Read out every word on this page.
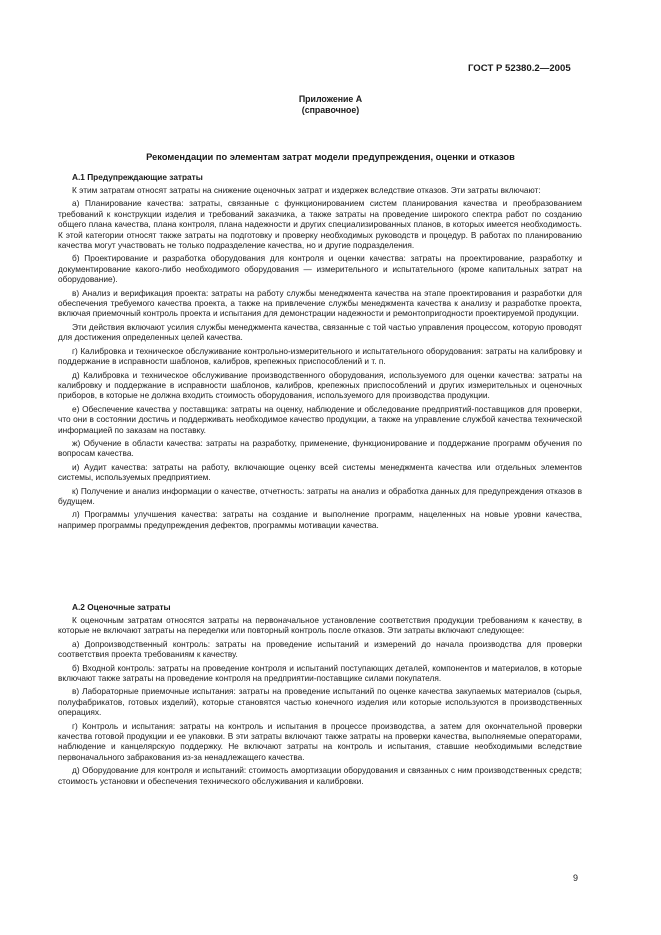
ГОСТ Р 52380.2—2005
Приложение А
(справочное)
Рекомендации по элементам затрат модели предупреждения, оценки и отказов
А.1 Предупреждающие затраты

К этим затратам относят затраты на снижение оценочных затрат и издержек вследствие отказов. Эти затраты включают:

а) Планирование качества: затраты, связанные с функционированием систем планирования качества и преобразованием требований к конструкции изделия и требований заказчика, а также затраты на проведение широкого спектра работ по созданию общего плана качества, плана контроля, плана надежности и других специализированных планов, в которых имеется необходимость. К этой категории относят также затраты на подготовку и проверку необходимых руководств и процедур. В работах по планированию качества могут участвовать не только подразделение качества, но и другие подразделения.

б) Проектирование и разработка оборудования для контроля и оценки качества: затраты на проектирование, разработку и документирование какого-либо необходимого оборудования — измерительного и испытательного (кроме капитальных затрат на оборудование).

в) Анализ и верификация проекта: затраты на работу службы менеджмента качества на этапе проектирования и разработки для обеспечения требуемого качества проекта, а также на привлечение службы менеджмента качества к анализу и разработке проекта, включая приемочный контроль проекта и испытания для демонстрации надежности и ремонтопригодности проектируемой продукции.

Эти действия включают усилия службы менеджмента качества, связанные с той частью управления процессом, которую проводят для достижения определенных целей качества.

г) Калибровка и техническое обслуживание контрольно-измерительного и испытательного оборудования: затраты на калибровку и поддержание в исправности шаблонов, калибров, крепежных приспособлений и т. п.

д) Калибровка и техническое обслуживание производственного оборудования, используемого для оценки качества: затраты на калибровку и поддержание в исправности шаблонов, калибров, крепежных приспособлений и других измерительных и оценочных приборов, в которые не должна входить стоимость оборудования, используемого для производства продукции.

е) Обеспечение качества у поставщика: затраты на оценку, наблюдение и обследование предприятий-поставщиков для проверки, что они в состоянии достичь и поддерживать необходимое качество продукции, а также на управление службой качества технической информацией по заказам на поставку.

ж) Обучение в области качества: затраты на разработку, применение, функционирование и поддержание программ обучения по вопросам качества.

и) Аудит качества: затраты на работу, включающие оценку всей системы менеджмента качества или отдельных элементов системы, используемых предприятием.

к) Получение и анализ информации о качестве, отчетность: затраты на анализ и обработка данных для предупреждения отказов в будущем.

л) Программы улучшения качества: затраты на создание и выполнение программ, нацеленных на новые уровни качества, например программы предупреждения дефектов, программы мотивации качества.

А.2 Оценочные затраты

К оценочным затратам относятся затраты на первоначальное установление соответствия продукции требованиям к качеству, в которые не включают затраты на переделки или повторный контроль после отказов. Эти затраты включают следующее:

а) Допроизводственный контроль: затраты на проведение испытаний и измерений до начала производства для проверки соответствия проекта требованиям к качеству.

б) Входной контроль: затраты на проведение контроля и испытаний поступающих деталей, компонентов и материалов, в которые включают также затраты на проведение контроля на предприятии-поставщике силами покупателя.

в) Лабораторные приемочные испытания: затраты на проведение испытаний по оценке качества закупаемых материалов (сырья, полуфабрикатов, готовых изделий), которые становятся частью конечного изделия или которые используются в производственных операциях.

г) Контроль и испытания: затраты на контроль и испытания в процессе производства, а затем для окончательной проверки качества готовой продукции и ее упаковки. В эти затраты включают также затраты на проверки качества, выполняемые операторами, наблюдение и канцелярскую поддержку. Не включают затраты на контроль и испытания, ставшие необходимыми вследствие первоначального забракования из-за ненадлежащего качества.

д) Оборудование для контроля и испытаний: стоимость амортизации оборудования и связанных с ним производственных средств; стоимость установки и обеспечения технического обслуживания и калибровки.

9
